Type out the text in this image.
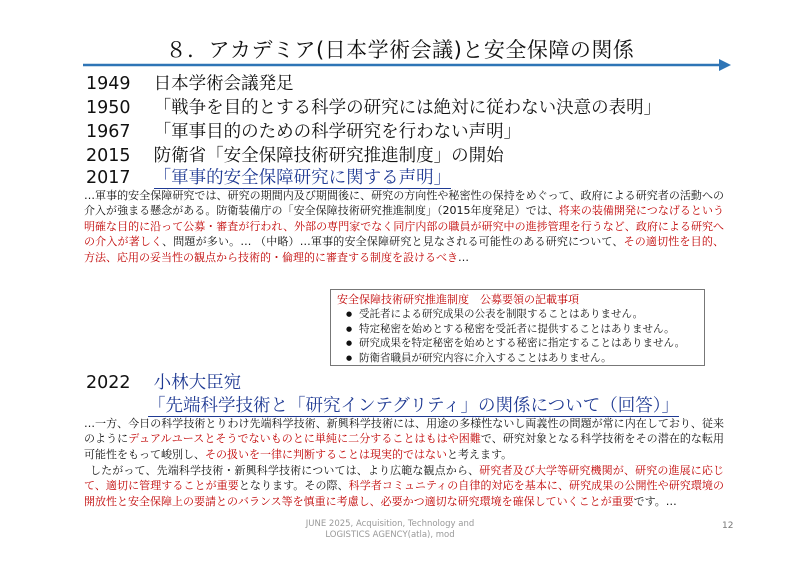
８．アカデミア(日本学術会議)と安全保障の関係
1949 日本学術会議発足
1950 「戦争を目的とする科学の研究には絶対に従わない決意の表明」
1967 「軍事目的のための科学研究を行わない声明」
2015 防衛省「安全保障技術研究推進制度」の開始
2017 「軍事的安全保障研究に関する声明」
…軍事的安全保障研究では、研究の期間内及び期間後に、研究の方向性や秘密性の保持をめぐって、政府による研究者の活動への介入が強まる懸念がある。防衛装備庁の「安全保障技術研究推進制度」（2015年度発足）では、将来の装備開発につなげるという明確な目的に沿って公募・審査が行われ、外部の専門家でなく同庁内部の職員が研究中の進捗管理を行うなど、政府による研究への介入が著しく、問題が多い。… （中略）…軍事的安全保障研究と見なされる可能性のある研究について、その適切性を目的、方法、応用の妥当性の観点から技術的・倫理的に審査する制度を設けるべき…
安全保障技術研究推進制度　公募要領の記載事項
● 受託者による研究成果の公表を制限することはありません。
● 特定秘密を始めとする秘密を受託者に提供することはありません。
● 研究成果を特定秘密を始めとする秘密に指定することはありません。
● 防衛省職員が研究内容に介入することはありません。
2022 小林大臣宛
「先端科学技術と「研究インテグリティ」の関係について（回答）」
…一方、今日の科学技術とりわけ先端科学技術、新興科学技術には、用途の多様性ないし両義性の問題が常に内在しており、従来のようにデュアルユースとそうでないものとに単純に二分することはもはや困難で、研究対象となる科学技術をその潜在的な転用可能性をもって峻別し、その扱いを一律に判断することは現実的ではないと考えます。
したがって、先端科学技術・新興科学技術については、より広範な観点から、研究者及び大学等研究機関が、研究の進展に応じて、適切に管理することが重要となります。その際、科学者コミュニティの自律的対応を基本に、研究成果の公開性や研究環境の開放性と安全保障上の要請とのバランス等を慎重に考慮し、必要かつ適切な研究環境を確保していくことが重要です。…
JUNE 2025, Acquisition, Technology and
LOGISTICS AGENCY(atla), mod
12
